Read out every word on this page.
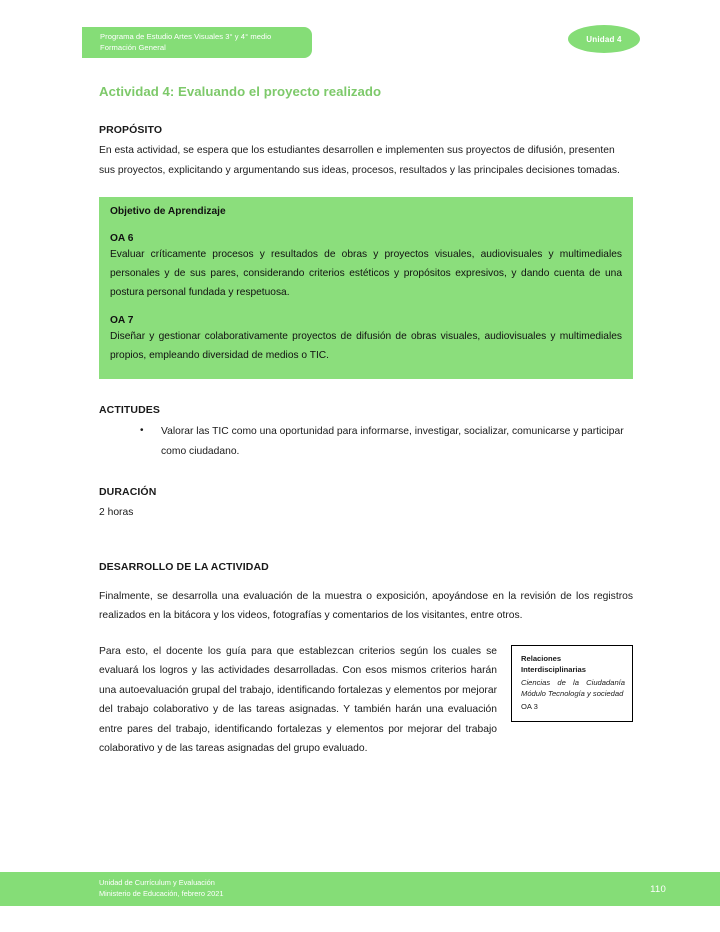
Programa de Estudio Artes Visuales 3° y 4° medio
Formación General
Unidad 4
Actividad 4: Evaluando el proyecto realizado
PROPÓSITO
En esta actividad, se espera que los estudiantes desarrollen e implementen sus proyectos de difusión, presenten sus proyectos, explicitando y argumentando sus ideas, procesos, resultados y las principales decisiones tomadas.
Objetivo de Aprendizaje
OA 6
Evaluar críticamente procesos y resultados de obras y proyectos visuales, audiovisuales y multimediales personales y de sus pares, considerando criterios estéticos y propósitos expresivos, y dando cuenta de una postura personal fundada y respetuosa.
OA 7
Diseñar y gestionar colaborativamente proyectos de difusión de obras visuales, audiovisuales y multimediales propios, empleando diversidad de medios o TIC.
ACTITUDES
• Valorar las TIC como una oportunidad para informarse, investigar, socializar, comunicarse y participar como ciudadano.
DURACIÓN
2 horas
DESARROLLO DE LA ACTIVIDAD
Finalmente, se desarrolla una evaluación de la muestra o exposición, apoyándose en la revisión de los registros realizados en la bitácora y los videos, fotografías y comentarios de los visitantes, entre otros.
Relaciones
Interdisciplinarias
Ciencias de la Ciudadanía Módulo Tecnología y sociedad
OA 3
Para esto, el docente los guía para que establezcan criterios según los cuales se evaluará los logros y las actividades desarrolladas. Con esos mismos criterios harán una autoevaluación grupal del trabajo, identificando fortalezas y elementos por mejorar del trabajo colaborativo y de las tareas asignadas. Y también harán una evaluación entre pares del trabajo, identificando fortalezas y elementos por mejorar del trabajo colaborativo y de las tareas asignadas del grupo evaluado.
Unidad de Currículum y Evaluación
Ministerio de Educación, febrero 2021	110
